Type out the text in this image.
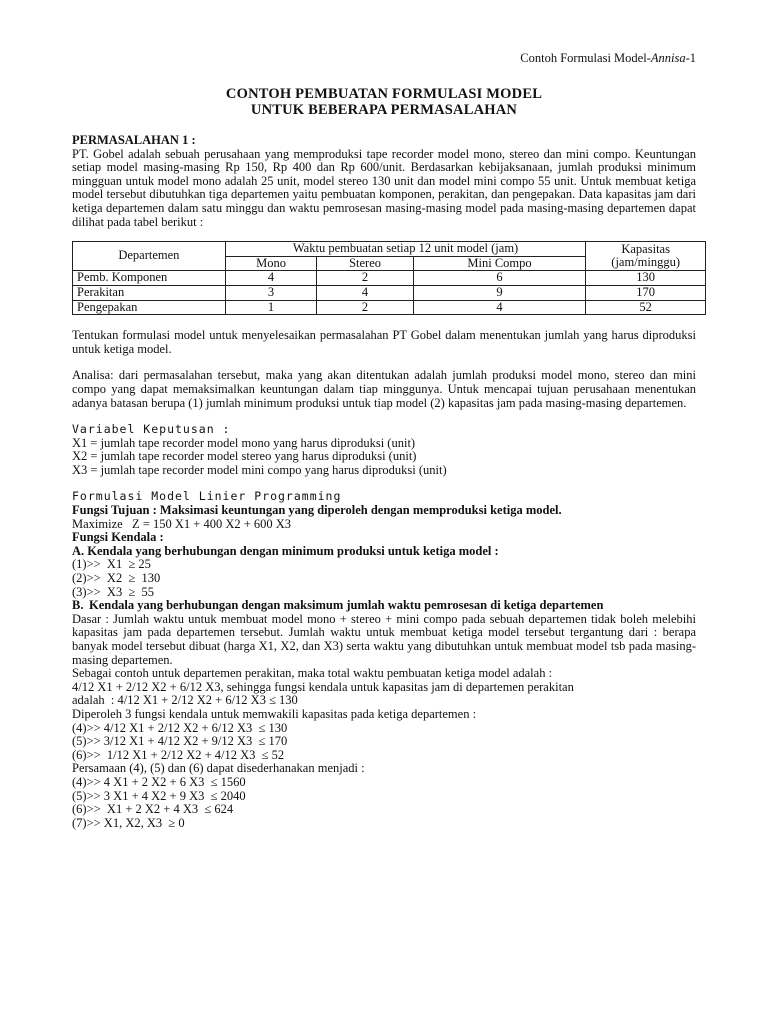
Contoh Formulasi Model-Annisa-1
CONTOH PEMBUATAN FORMULASI MODEL
UNTUK BEBERAPA PERMASALAHAN
PERMASALAHAN 1 :
PT. Gobel adalah sebuah perusahaan yang memproduksi tape recorder model mono, stereo dan mini compo. Keuntungan setiap model masing-masing Rp 150, Rp 400 dan Rp 600/unit. Berdasarkan kebijaksanaan, jumlah produksi minimum mingguan untuk model mono adalah 25 unit, model stereo 130 unit dan model mini compo 55 unit. Untuk membuat ketiga model tersebut dibutuhkan tiga departemen yaitu pembuatan komponen, perakitan, dan pengepakan. Data kapasitas jam dari ketiga departemen dalam satu minggu dan waktu pemrosesan masing-masing model pada masing-masing departemen dapat dilihat pada tabel berikut :
Departemen	Waktu pembuatan setiap 12 unit model (jam)			Kapasitas
(jam/minggu)
	Mono	Stereo	Mini Compo	
Pemb. Komponen	4	2	6	130
Perakitan	3	4	9	170
Pengepakan	1	2	4	52
Tentukan formulasi model untuk menyelesaikan permasalahan PT Gobel dalam menentukan jumlah yang harus diproduksi untuk ketiga model.
Analisa: dari permasalahan tersebut, maka yang akan ditentukan adalah jumlah produksi model mono, stereo dan mini compo yang dapat memaksimalkan keuntungan dalam tiap minggunya. Untuk mencapai tujuan perusahaan menentukan adanya batasan berupa (1) jumlah minimum produksi untuk tiap model (2) kapasitas jam pada masing-masing departemen.
Variabel Keputusan :
X1 = jumlah tape recorder model mono yang harus diproduksi (unit)
X2 = jumlah tape recorder model stereo yang harus diproduksi (unit)
X3 = jumlah tape recorder model mini compo yang harus diproduksi (unit)
Formulasi Model Linier Programming
Fungsi Tujuan : Maksimasi keuntungan yang diperoleh dengan memproduksi ketiga model.
Maximize   Z = 150 X1 + 400 X2 + 600 X3
Fungsi Kendala :
A. Kendala yang berhubungan dengan minimum produksi untuk ketiga model :
(1)>>  X1  ≥ 25
(2)>>  X2  ≥  130
(3)>>  X3  ≥  55
B. Kendala yang berhubungan dengan maksimum jumlah waktu pemrosesan di ketiga departemen
Dasar : Jumlah waktu untuk membuat model mono + stereo + mini compo pada sebuah departemen tidak boleh melebihi kapasitas jam pada departemen tersebut. Jumlah waktu untuk membuat ketiga model tersebut tergantung dari : berapa banyak model tersebut dibuat (harga X1, X2, dan X3) serta waktu yang dibutuhkan untuk membuat model tsb pada masing-masing departemen.
Sebagai contoh untuk departemen perakitan, maka total waktu pembuatan ketiga model adalah :
4/12 X1 + 2/12 X2 + 6/12 X3, sehingga fungsi kendala untuk kapasitas jam di departemen perakitan
adalah  : 4/12 X1 + 2/12 X2 + 6/12 X3 ≤ 130
Diperoleh 3 fungsi kendala untuk memwakili kapasitas pada ketiga departemen :
(4)>> 4/12 X1 + 2/12 X2 + 6/12 X3  ≤ 130
(5)>> 3/12 X1 + 4/12 X2 + 9/12 X3  ≤ 170
(6)>>  1/12 X1 + 2/12 X2 + 4/12 X3  ≤ 52
Persamaan (4), (5) dan (6) dapat disederhanakan menjadi :
(4)>> 4 X1 + 2 X2 + 6 X3  ≤ 1560
(5)>> 3 X1 + 4 X2 + 9 X3  ≤ 2040
(6)>>  X1 + 2 X2 + 4 X3  ≤ 624
(7)>> X1, X2, X3  ≥ 0
